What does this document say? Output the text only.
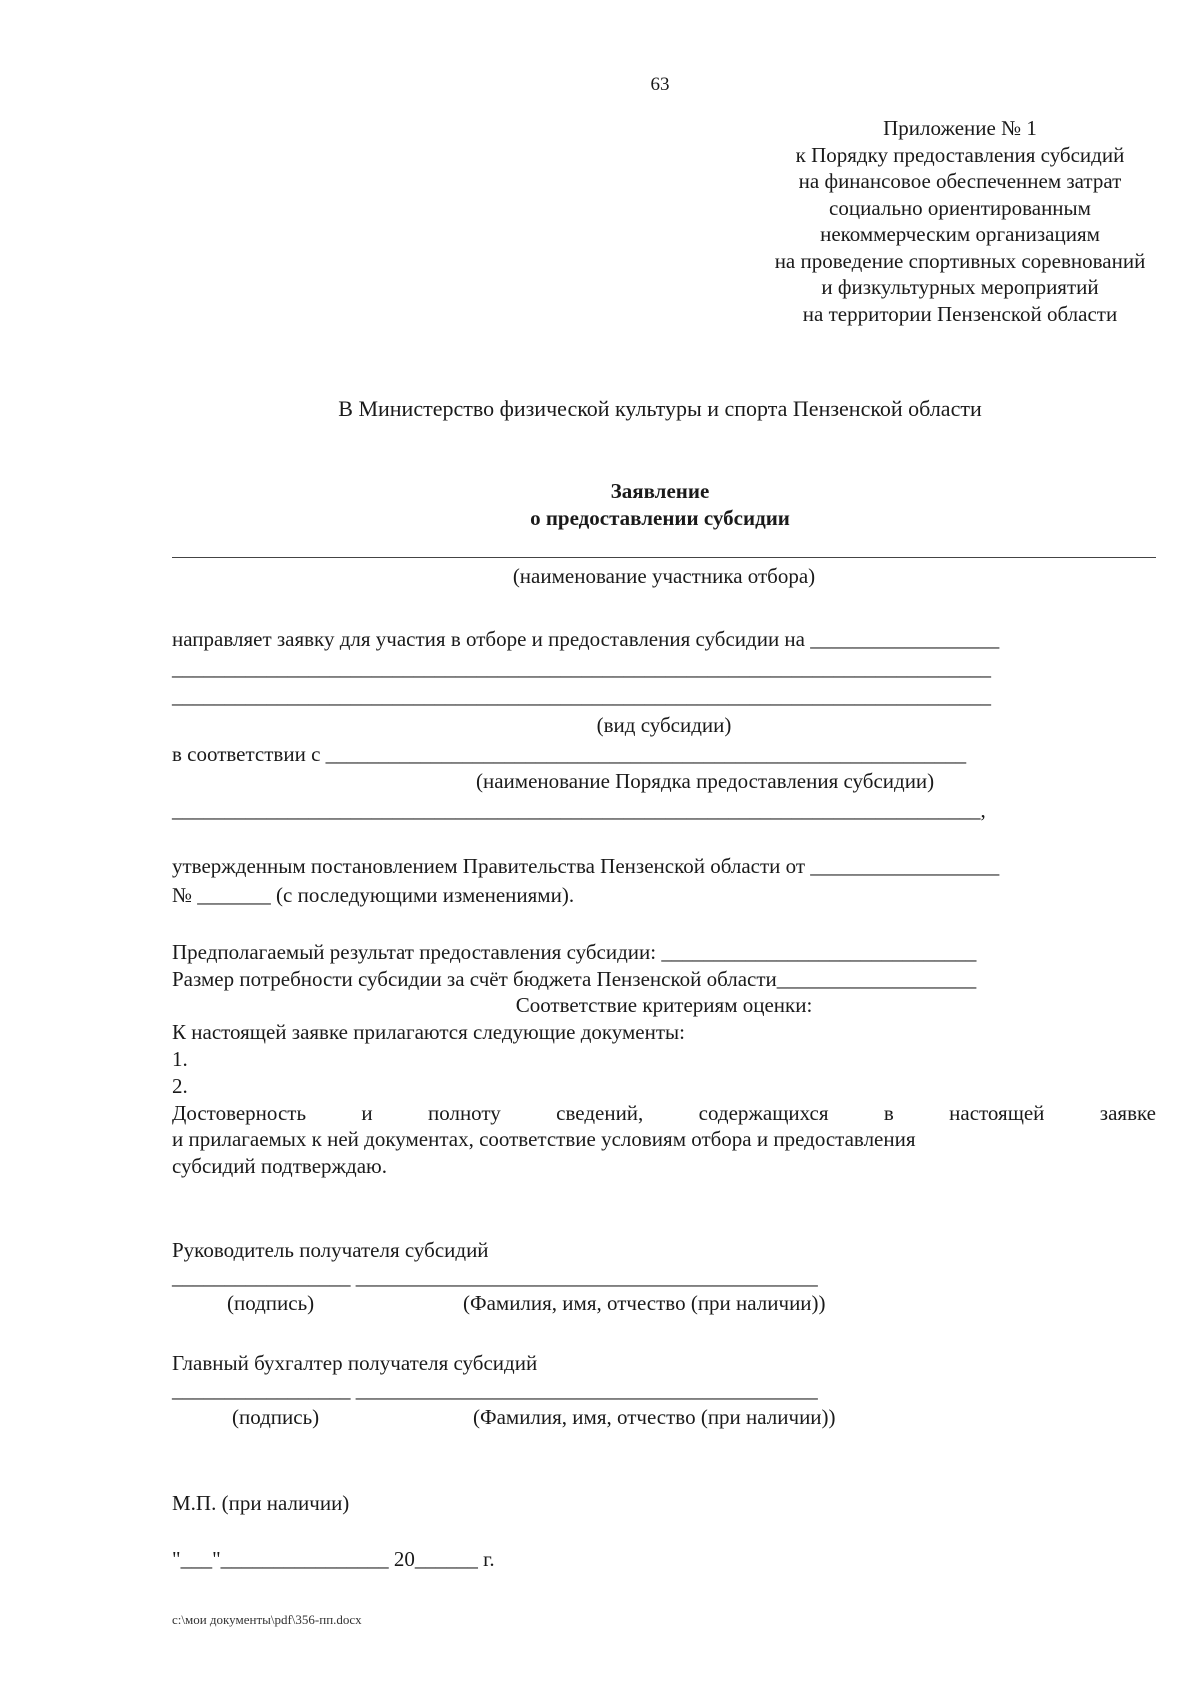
63
Приложение № 1
к Порядку предоставления субсидий
на финансовое обеспеченнем затрат
социально ориентированным
некоммерческим организациям
на проведение спортивных соревнований
и физкультурных мероприятий
на территории Пензенской области
В Министерство физической культуры и спорта Пензенской области
Заявление
о предоставлении субсидии
(наименование участника отбора)
направляет заявку для участия в отборе и предоставления субсидии на __________________
______________________________________________________________________________
______________________________________________________________________________
(вид субсидии)
в соответствии с _____________________________________________________________
(наименование Порядка предоставления субсидии)
_____________________________________________________________________________,
утвержденным постановлением Правительства Пензенской области от __________________
№ _______ (с последующими изменениями).
Предполагаемый результат предоставления субсидии: ______________________________
Размер потребности субсидии за счёт бюджета Пензенской области___________________
Соответствие критериям оценки:
К настоящей заявке прилагаются следующие документы:
1.
2.
Достоверность	и	полноту	сведений,	содержащихся	в	настоящей	заявке
и прилагаемых к ней документах, соответствие условиям отбора и предоставления
субсидий подтверждаю.
Руководитель получателя субсидий
_________________ ____________________________________________
(подпись)	(Фамилия, имя, отчество (при наличии))
Главный бухгалтер получателя субсидий
_________________ ____________________________________________
(подпись)	(Фамилия, имя, отчество (при наличии))
М.П. (при наличии)
"___"________________ 20______ г.
c:\мои документы\pdf\356-пп.docx
